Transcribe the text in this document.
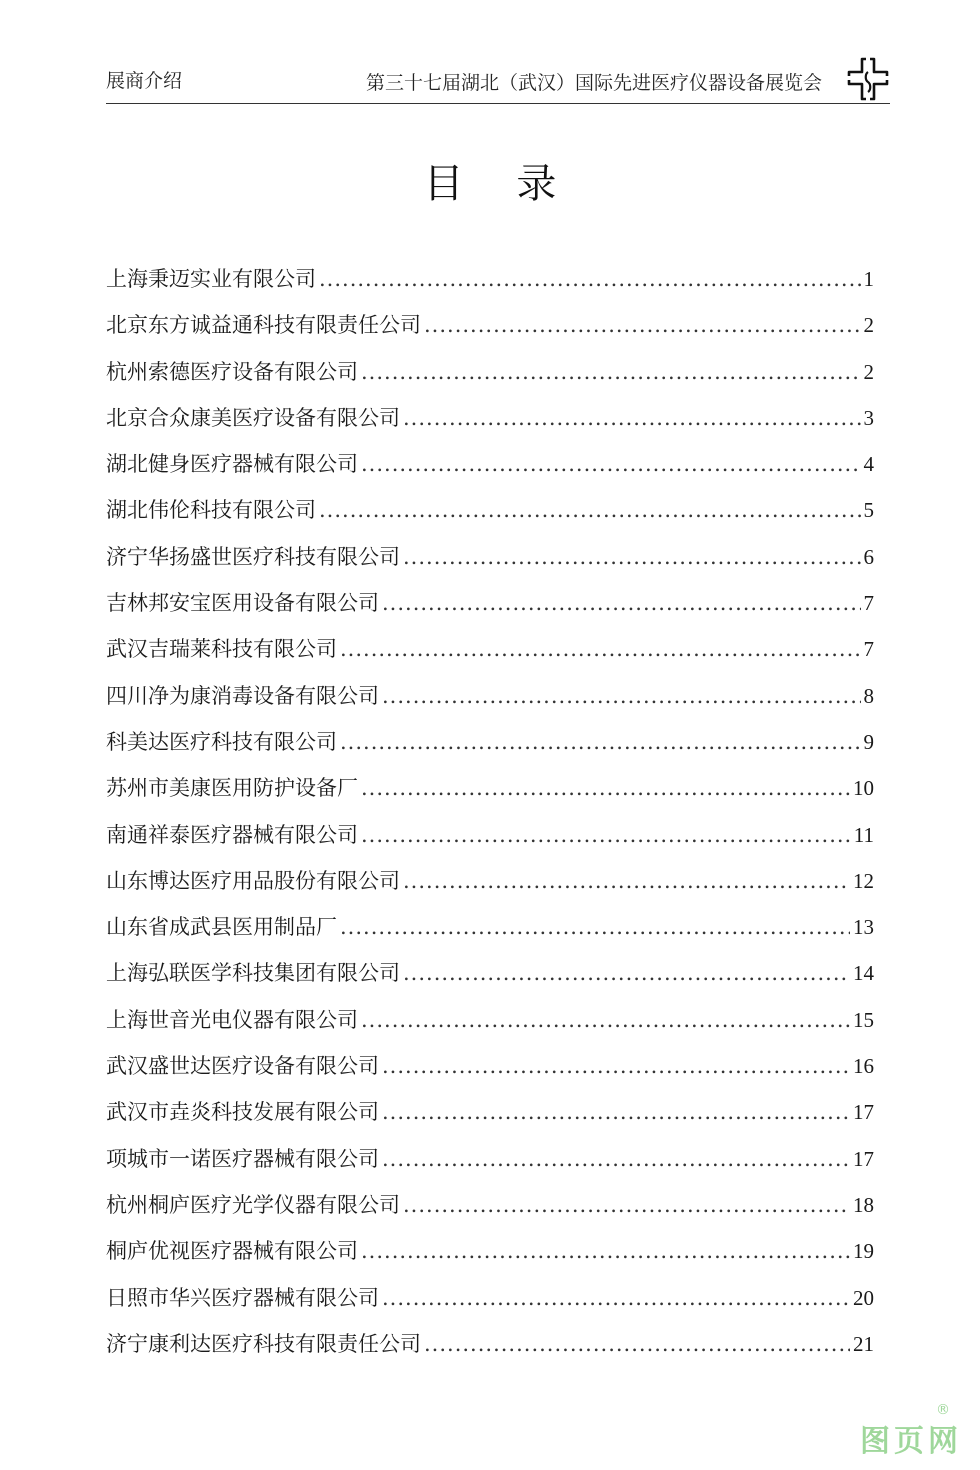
展商介绍	第三十七届湖北（武汉）国际先进医疗仪器设备展览会
目 录
上海秉迈实业有限公司 .....	1
北京东方诚益通科技有限责任公司 .....	2
杭州索德医疗设备有限公司 .....	2
北京合众康美医疗设备有限公司 .....	3
湖北健身医疗器械有限公司 .....	4
湖北伟伦科技有限公司 .....	5
济宁华扬盛世医疗科技有限公司 .....	6
吉林邦安宝医用设备有限公司 .....	7
武汉吉瑞莱科技有限公司 .....	7
四川净为康消毒设备有限公司 .....	8
科美达医疗科技有限公司 .....	9
苏州市美康医用防护设备厂 .....	10
南通祥泰医疗器械有限公司 .....	11
山东博达医疗用品股份有限公司 .....	12
山东省成武县医用制品厂 .....	13
上海弘联医学科技集团有限公司 .....	14
上海世音光电仪器有限公司 .....	15
武汉盛世达医疗设备有限公司 .....	16
武汉市垚炎科技发展有限公司 .....	17
项城市一诺医疗器械有限公司 .....	17
杭州桐庐医疗光学仪器有限公司 .....	18
桐庐优视医疗器械有限公司 .....	19
日照市华兴医疗器械有限公司 .....	20
济宁康利达医疗科技有限责任公司 .....	21
图页网
®
